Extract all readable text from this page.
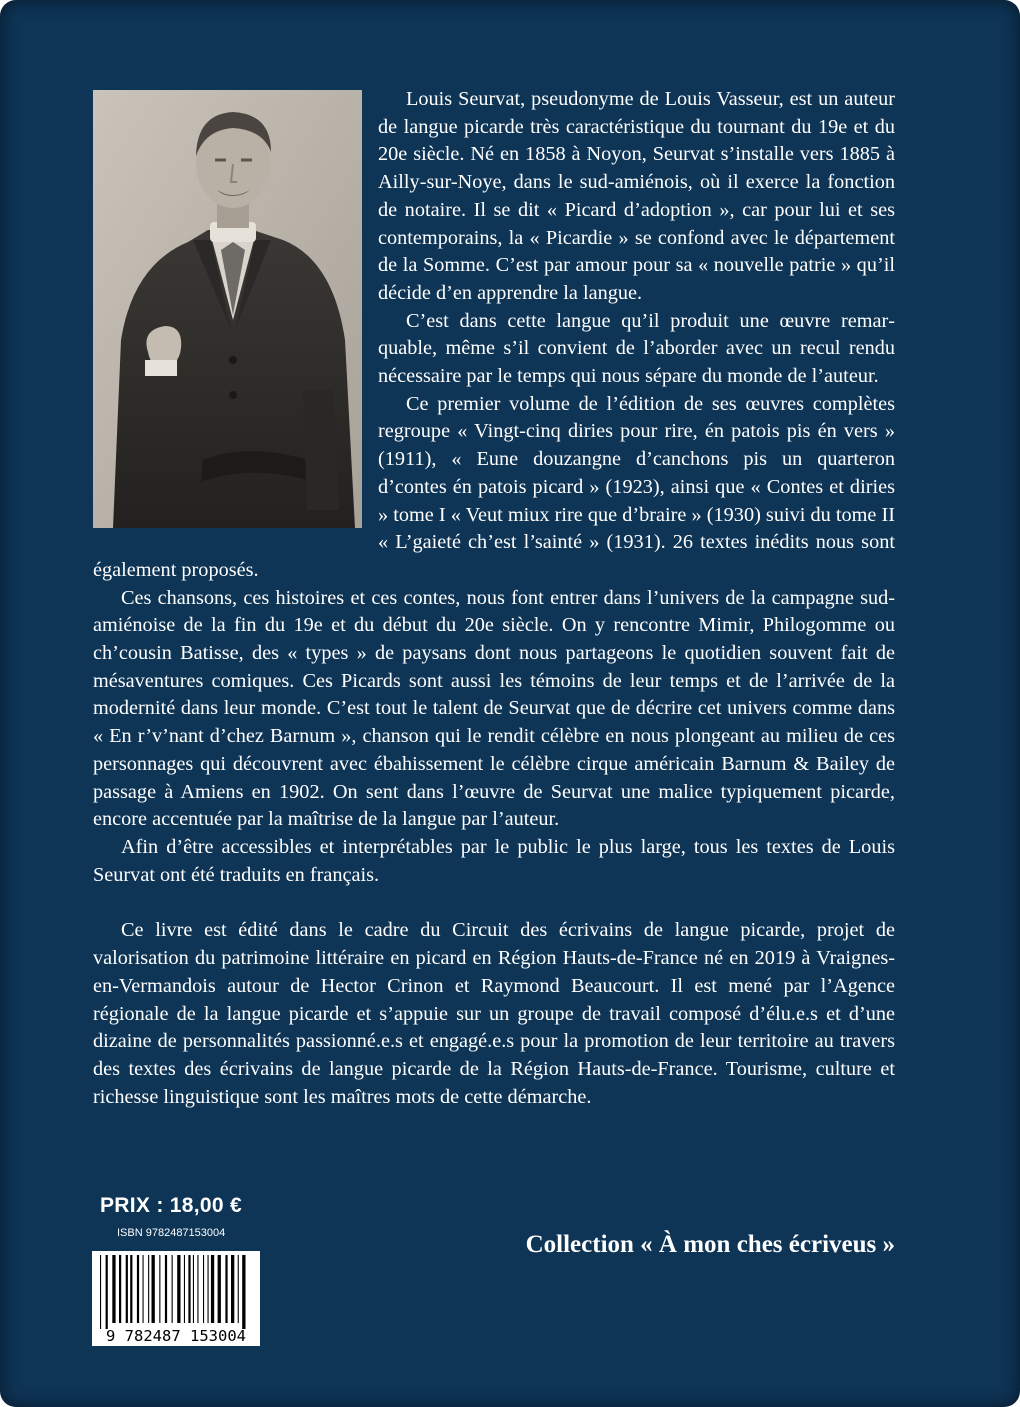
Louis Seurvat, pseudonyme de Louis Vasseur, est un auteur de langue picarde très caractéristique du tournant du 19e et du 20e siècle. Né en 1858 à Noyon, Seurvat s’installe vers 1885 à Ailly-sur-Noye, dans le sud-amiénois, où il exerce la fonction de notaire. Il se dit « Picard d’adoption », car pour lui et ses contemporains, la « Picardie » se confond avec le département de la Somme. C’est par amour pour sa « nouvelle patrie » qu’il décide d’en apprendre la langue.

C’est dans cette langue qu’il produit une œuvre remarquable, même s’il convient de l’aborder avec un recul rendu nécessaire par le temps qui nous sépare du monde de l’auteur.

Ce premier volume de l’édition de ses œuvres complètes regroupe « Vingt-cinq diries pour rire, én patois pis én vers » (1911), « Eune douzangne d’canchons pis un quarteron d’contes én patois picard » (1923), ainsi que « Contes et diries » tome I « Veut miux rire que d’braire » (1930) suivi du tome II « L’gaieté ch’est l’sainté » (1931). 26 textes inédits nous sont également proposés.

Ces chansons, ces histoires et ces contes, nous font entrer dans l’univers de la campagne sud-amiénoise de la fin du 19e et du début du 20e siècle. On y rencontre Mimir, Philogomme ou ch’cousin Batisse, des « types » de paysans dont nous partageons le quotidien souvent fait de mésaventures comiques. Ces Picards sont aussi les témoins de leur temps et de l’arrivée de la modernité dans leur monde. C’est tout le talent de Seurvat que de décrire cet univers comme dans « En r’v’nant d’chez Barnum », chanson qui le rendit célèbre en nous plongeant au milieu de ces personnages qui découvrent avec ébahissement le célèbre cirque américain Barnum & Bailey de passage à Amiens en 1902. On sent dans l’œuvre de Seurvat une malice typiquement picarde, encore accentuée par la maîtrise de la langue par l’auteur.

Afin d’être accessibles et interprétables par le public le plus large, tous les textes de Louis Seurvat ont été traduits en français.

Ce livre est édité dans le cadre du Circuit des écrivains de langue picarde, projet de valorisation du patrimoine littéraire en picard en Région Hauts-de-France né en 2019 à Vraignes-en-Vermandois autour de Hector Crinon et Raymond Beaucourt. Il est mené par l’Agence régionale de la langue picarde et s’appuie sur un groupe de travail composé d’élu.e.s et d’une dizaine de personnalités passionné.e.s et engagé.e.s pour la promotion de leur territoire au travers des textes des écrivains de langue picarde de la Région Hauts-de-France. Tourisme, culture et richesse linguistique sont les maîtres mots de cette démarche.

PRIX : 18,00 €
ISBN 9782487153004
9 782487 153004
Collection « À mon ches écriveus »
